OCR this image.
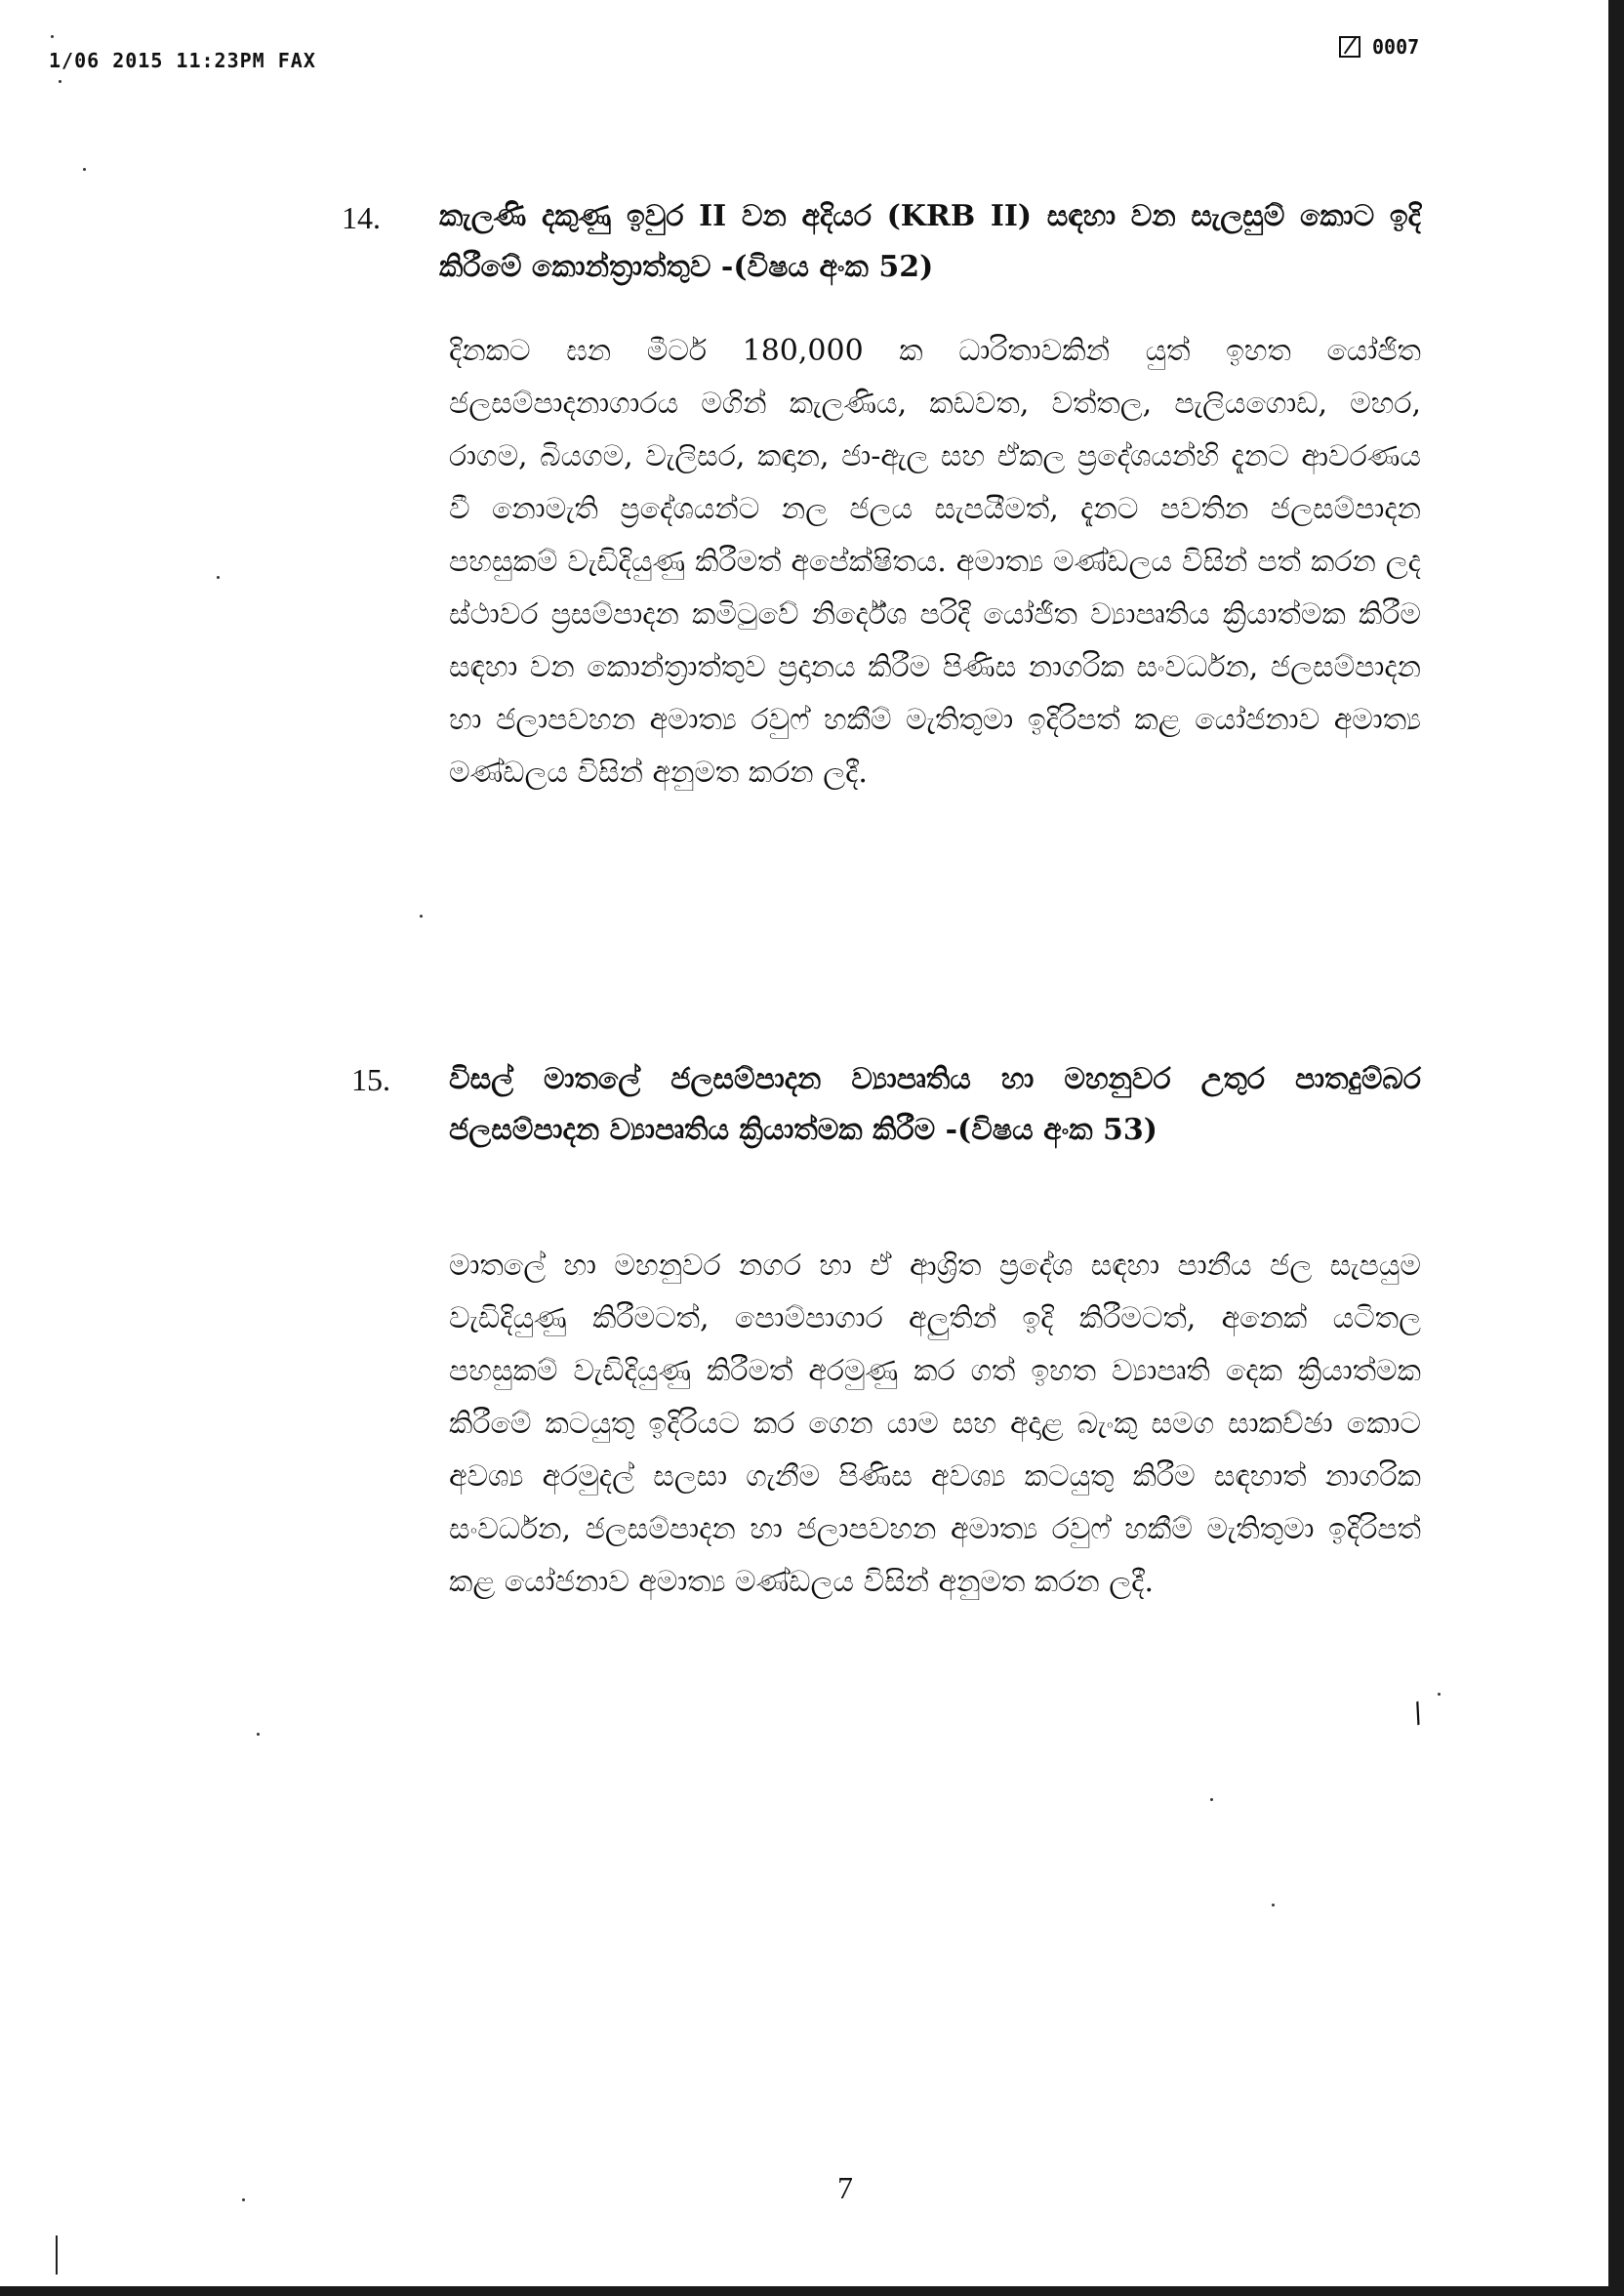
1/06 2015 11:23PM FAX
0007
14. කැලණි දකුණු ඉවුර II වන අදියර (KRB II) සඳහා වන සැලසුම් කොට ඉදි කිරීමේ කොන්ත්‍රාත්තුව -(විෂය අංක 52)
දිනකට ඝන මීටර් 180,000 ක ධාරිතාවකින් යුත් ඉහත යෝජිත ජලසම්පාදනාගාරය මගින් කැලණිය, කඩවත, වත්තල, පැලියගොඩ, මහර, රාගම, බියගම, වැලිසර, කඳාන, ජා-ඇල සහ ඒකල ප්‍රදේශයන්හි දැනට ආවරණය වී නොමැති ප්‍රදේශයන්ට නල ජලය සැපයීමත්, දැනට පවතින ජලසම්පාදන පහසුකම් වැඩිදියුණු කිරීමත් අපේක්ෂිතය. අමාත්‍ය මණ්ඩලය විසින් පත් කරන ලද ස්ථාවර ප්‍රසම්පාදන කමිටුවේ නිර්දේශ පරිදි යෝජිත ව්‍යාපෘතිය ක්‍රියාත්මක කිරීම සඳහා වන කොන්ත්‍රාත්තුව ප්‍රදානය කිරීම පිණිස නාගරික සංවර්ධන, ජලසම්පාදන හා ජලාපවහන අමාත්‍ය රවුෆ් හකීම් මැතිතුමා ඉදිරිපත් කළ යෝජනාව අමාත්‍ය මණ්ඩලය විසින් අනුමත කරන ලදී.
15. විසල් මාතලේ ජලසම්පාදන ව්‍යාපෘතිය හා මහනුවර උතුර පාතදුම්බර ජලසම්පාදන ව්‍යාපෘතිය ක්‍රියාත්මක කිරීම -(විෂය අංක 53)
මාතලේ හා මහනුවර නගර හා ඒ ආශ්‍රිත ප්‍රදේශ සඳහා පානීය ජල සැපයුම වැඩිදියුණු කිරීමටත්, පොම්පාගාර අලුතින් ඉදි කිරීමටත්, අනෙක් යටිතල පහසුකම් වැඩිදියුණු කිරීමත් අරමුණු කර ගත් ඉහත ව්‍යාපෘති දෙක ක්‍රියාත්මක කිරීමේ කටයුතු ඉදිරියට කර ගෙන යාම සහ අදාළ බැංකු සමග සාකච්ඡා කොට අවශ්‍ය අරමුදල් සලසා ගැනීම පිණිස අවශ්‍ය කටයුතු කිරීම සඳහාත් නාගරික සංවර්ධන, ජලසම්පාදන හා ජලාපවහන අමාත්‍ය රවුෆ් හකීම් මැතිතුමා ඉදිරිපත් කළ යෝජනාව අමාත්‍ය මණ්ඩලය විසින් අනුමත කරන ලදී.
7
/
